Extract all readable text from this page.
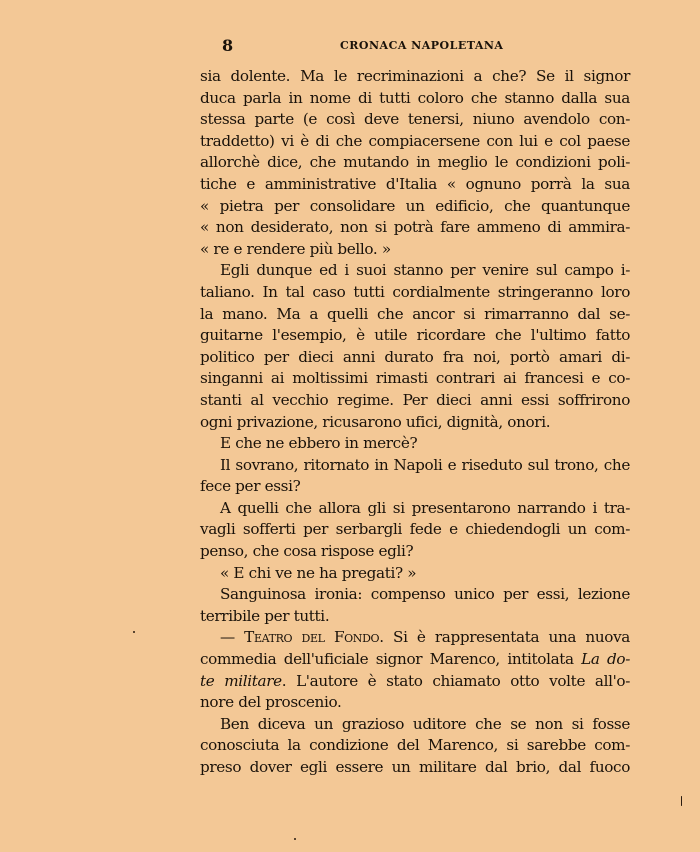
8	CRONACA NAPOLETANA
sia dolente. Ma le recriminazioni a che? Se il signor
duca parla in nome di tutti coloro che stanno dalla sua
stessa parte (e così deve tenersi, niuno avendolo con-
traddetto) vi è di che compiacersene con lui e col paese
allorchè dice, che mutando in meglio le condizioni poli-
tiche e amministrative d'Italia « ognuno porrà la sua
« pietra per consolidare un edificio, che quantunque
« non desiderato, non si potrà fare ammeno di ammira-
« re e rendere più bello. »
Egli dunque ed i suoi stanno per venire sul campo i-
taliano. In tal caso tutti cordialmente stringeranno loro
la mano. Ma a quelli che ancor si rimarranno dal se-
guitarne l'esempio, è utile ricordare che l'ultimo fatto
politico per dieci anni durato fra noi, portò amari di-
singanni ai moltissimi rimasti contrari ai francesi e co-
stanti al vecchio regime. Per dieci anni essi soffrirono
ogni privazione, ricusarono ufici, dignità, onori.
E che ne ebbero in mercè?
Il sovrano, ritornato in Napoli e riseduto sul trono, che
fece per essi?
A quelli che allora gli si presentarono narrando i tra-
vagli sofferti per serbargli fede e chiedendogli un com-
penso, che cosa rispose egli?
« E chi ve ne ha pregati? »
Sanguinosa ironia: compenso unico per essi, lezione
terribile per tutti.
— Teatro del Fondo. Si è rappresentata una nuova
commedia dell'uficiale signor Marenco, intitolata La do-
te militare. L'autore è stato chiamato otto volte all'o-
nore del proscenio.
Ben diceva un grazioso uditore che se non si fosse
conosciuta la condizione del Marenco, si sarebbe com-
preso dover egli essere un militare dal brio, dal fuoco
